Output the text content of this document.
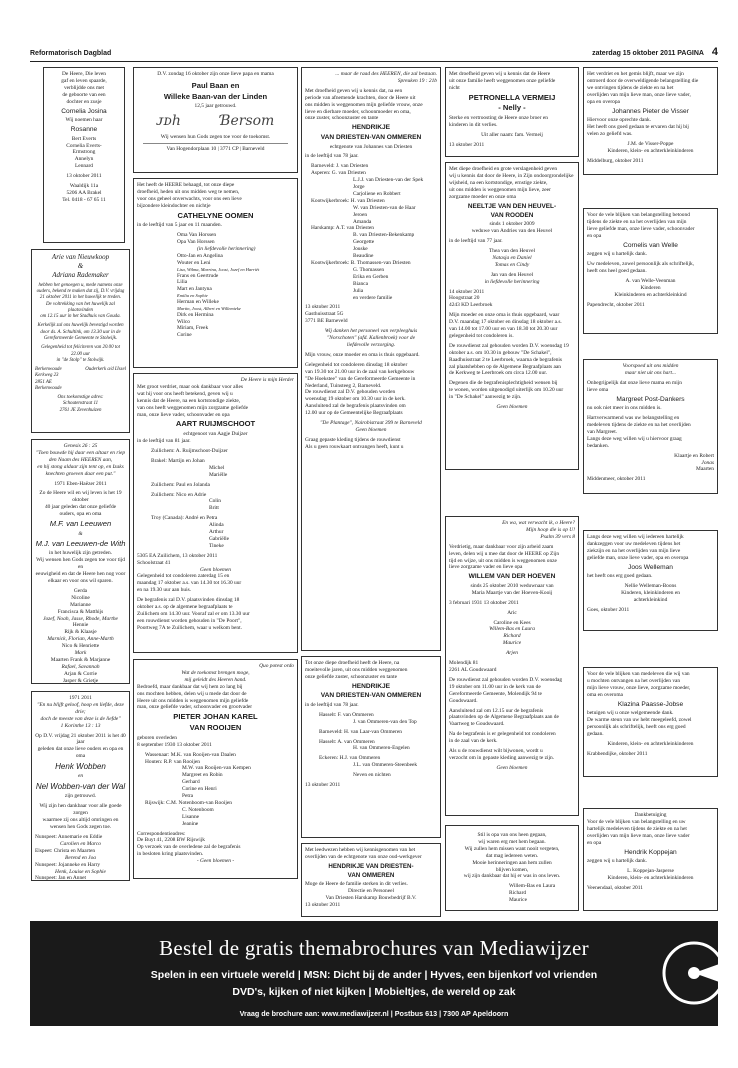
Reformatorisch Dagblad	zaterdag 15 oktober 2011 PAGINA 4
De Heere, Die leven
gaf en leven spaarde,
verblijdde ons met
de geboorte van een
dochter en zusje
Cornelia Josina
Wij noemen haar
Rosanne
Bert Everts
Cornelia Everts-
Ermstrong
Annelyn
Lennard
13 oktober 2011
Waaldijk 11a
5206 AA Brakel
Tel. 0418 - 67 65 11
Arie van Nieuwkoop
&
Adriana Rademaker
hebben het genoegen u, mede namens onze
ouders, bekend te maken dat zij, D.V. vrijdag
21 oktober 2011 in het huwelijk te treden.
De voltrekking van het huwelijk zal plaatsvinden
om 12.15 uur in het Stadhuis van Gouda.
Kerkelijk zal ons huwelijk bevestigd worden
door ds. A. Schultink, om 13.30 uur in de
Gereformeerde Gemeente te Stolwijk.
Gelegenheid tot feliciteren van 20.00 tot 22.00 uur
in "de Stolp" te Stolwijk.
Berkenwoude	Ouderkerk a/d IJssel
Kerkweg 23
2851 AE Berkenwoude
Ons toekomstige adres:
Schoutenstraat 11
2761 JE Zevenhuizen
Genesis 26 : 25
"Toen bouwde hij daar een altaar en riep
den Naam des HEEREN aan,
en hij stong aldaar zijn tent op, en Izaks
knechten groeven daar een put."
1971 Eben-Haëzer 2011
Zo de Heere wil en wij leven is het 19 oktober
40 jaar geleden dat onze geliefde
ouders, opa en oma
M.F. van Leeuwen
&
M.J. van Leeuwen-de With
in het huwelijk zijn getreden.
Wij wensen hen Gods zegen toe voor tijd en
eeuwigheid en dat de Heere hen nog voor
elkaar en voor ons wil sparen.
Gerda
Nicoline
Marianne
Francisca & Matthijs
Jozef, Noah, Jasse, Rhode, Marthe
Hennie
Rijk & Klaasje
Marnick, Florian, Anne-Marth
Nico & Henriette
Mark
Maarten Frank & Marjanne
Rafael, Savannah
Arjan & Corrie
Jasper & Grietje
1971 2011
"En nu blijft geloof, hoop en liefde, deze drie;
doch de meeste van deze is de liefde"
1 Korinthe 13 : 13
Op D.V. vrijdag 21 oktober 2011 is het 40 jaar
geleden dat onze lieve ouders en opa en oma
Henk Wobben
en
Nel Wobben-van der Wal
zijn getrouwd.
Wij zijn hen dankbaar voor alle goede zorgen
waarmee zij ons altijd omringen en
wensen hen Gods zegen toe.
Nunspeet: Annemarie en Eddie
Carolien en Marco
Elspeet: Christa en Maarten
Berend en Joa
Nunspeet: Jojanneke en Harry
Henk, Louise en Sophie
Nunspeet: Jan en Annet
D.V. zondag 16 oktober zijn onze lieve papa en mama
Paul Baan en
Willeke Baan-van der Linden
12,5 jaar getrouwd.
ᴊᴅh	Ɓersom
Wij wensen hun Gods zegen toe voor de toekomst.
Van Hogendorplaan 10 | 3771 CP | Barneveld
Het heeft de HEERE behaagd, tot onze diepe
droefheid, heden uit ons midden weg te nemen,
voor ons geheel onverwachts, voor ons een lieve
bijzondere kleindochter en nichtje
CATHELYNE OOMEN
in de leeftijd van 5 jaar en 11 maanden.
Oma Van Horssen
Opa Van Horssen
(in liefdevolle herinnering)
Otto-Jan en Angelina
Wouter en Leni
Lisa, Wilma, Marrina, Joost, Jozef en Harriët
Frans en Geertrude
Lilia
Mart en Jantyna
Emilia en Sophie
Herman en Willeke
Martin, Joost, Albert en Willemieke
Dirk en Hermina
Wilco
Miriam, Freek
Corine
De Heere is mijn Herder
Met groot verdriet, maar ook dankbaar voor alles
wat hij voor ons heeft betekend, geven wij u
kennis dat de Heere, na een kortstondige ziekte,
van ons heeft weggenomen mijn zorgzame geliefde
man, onze lieve vader, schoonvader en opa
AART RUIJMSCHOOT
echtgenoot van Aagje Duijzer
in de leeftijd van 81 jaar.
Zuilichem: A. Ruijmschoot-Duijzer
Brakel: Martijn en Johan
Michel
Mariëlle
Zuilichem: Paul en Jolanda
Zuilichem: Nico en Adrie
Colin
Britt
Troy (Canada): André en Petra
Alinda
Arthur
Gabriëlle
Tineke
5305 EA Zuilichem, 13 oktober 2011
Schoolstraat 41
Geen bloemen
Gelegenheid tot condoleren zaterdag 15 en
maandag 17 oktober a.s. van 14.30 tot 16.30 uur
en na 19.30 uur aan huis.
De begrafenis zal D.V. plaatsvinden dinsdag 18
oktober a.s. op de algemene begraafplaats te
Zuilichem om 14.30 uur. Vooraf zal er om 13.30 uur
een rouwdienst worden gehouden in "De Poort",
Poortweg 7A te Zuilichem, waar u welkom bent.
Quo potest ordo
Wat de toekomst brengen moge,
mij geleidt des Heeren hand.
Bedroefd, maar dankbaar dat wij hem zo lang bij
ons mochten hebben, delen wij u mede dat door de
Heere uit ons midden is weggenomen mijn geliefde
man, onze geliefde vader, schoonvader en grootvader
PIETER JOHAN KAREL
VAN ROOIJEN
geboren overleden
8 september 1930 13 oktober 2011
Wassenaar: M.K. van Rooijen-van Daalen
Houten: R.P. van Rooijen
M.W. van Rooijen-van Kempen
Margreet en Robin
Gerhard
Corine en Henri
Petra
Rijswijk: C.M. Notenboom-van Rooijen
C. Notenboom
Lisanne
Jeanine
Correspondentieadres:
De Buyt 41, 2208 BW Rijswijk
Op verzoek van de overledene zal de begrafenis
in besloten kring plaatsvinden.
- Geen bloemen -
... maar de raad des HEEREN, die zal bestaan.
Spreuken 19 : 21b
Met droefheid geven wij u kennis dat, na een
periode van afnemende krachten, door de Heere uit
ons midden is weggenomen mijn geliefde vrouw, onze
lieve en dierbare moeder, schoonmoeder en oma,
onze zuster, schoonzuster en tante
HENDRIKJE
VAN DRIESTEN-VAN OMMEREN
echtgenote van Johannes van Driesten
in de leeftijd van 78 jaar.
Barneveld: J. van Driesten
Asperen: G. van Driesten
L.J.J. van Driesten-van der Spek
Jorge
Carjoliene en Robbert
Kootwijkerbroek: H. van Driesten
W. van Driesten-van de Haar
Jeroen
Amanda
Harskamp: A.T. van Driesten
B. van Driesten-Bekenkamp
Georgette
Jouske
Beaudine
Kootwijkerbroek: B. Thomassen-van Driesten
G. Thomassen
Erika en Gerben
Bianca
Julia
en verdere familie
13 oktober 2011
Gasthuisstraat 5G
3771 BE Barneveld
Wij danken het personeel van verpleeghuis
"Norschoten" (afd. Kallenbroek) voor de
liefdevolle verzorging.
Mijn vrouw, onze moeder en oma is thuis opgebaard.
Gelegenheid tot condoleren dinsdag 18 oktober
van 19.30 tot 21.00 uur in de zaal van kerkgebouw
"De Hoekstee" van de Gereformeerde Gemeente in
Nederland, Tuinsteeg 2, Barneveld.
De rouwdienst zal D.V. gehouden worden
woensdag 19 oktober om 10.30 uur in de kerk.
Aansluitend zal de begrafenis plaatsvinden om
12.00 uur op de Gemeentelijke Begraafplaats
"De Plantage", Nairobistraat 399 te Barneveld
Geen bloemen
Graag gepaste kleding tijdens de rouwdienst
Als u geen rouwkaart ontvangen heeft, kunt u
Tot onze diepe droefheid heeft de Heere, na
moeitevolle jaren, uit ons midden weggenomen
onze geliefde zuster, schoonzuster en tante
HENDRIKJE
VAN DRIESTEN-VAN OMMEREN
in de leeftijd van 78 jaar.
Hasselt: F. van Ommeren
J. van Ommeren-van den Top
Barneveld: H. van Laar-van Ommeren
Hasselt: A. van Ommeren
H. van Ommeren-Engelen
Eckeren: H.J. van Ommeren
J.L. van Ommeren-Steenbeek
Neven en nichten
13 oktober 2011
Met droefheid geven wij u kennis dat de Heere
uit onze familie heeft weggenomen onze geliefde
nicht
PETRONELLA VERMEIJ
- Nelly -
Sterke en vertroosting de Heere onze broer en
kinderen in dit verlies.
Uit aller naam: fam. Vermeij
13 oktober 2011
Met diepe droefheid en grote verslagenheid geven
wij u kennis dat door de Heere, in Zijn ondoorgrondelijke
wijsheid, na een kortstondige, ernstige ziekte,
uit ons midden is weggenomen mijn lieve, zeer
zorgzame moeder en onze oma
NEELTJE VAN DEN HEUVEL-
VAN ROODEN
sinds 1 oktober 2009
weduwe van Andries van den Heuvel
in de leeftijd van 77 jaar.
Thea van den Heuvel
Natasja en Daniel
Tomas en Cindy
Jan van den Heuvel
in liefdevolle herinnering
14 oktober 2011
Hoogstraat 20
4243 KD Leerbroek
Mijn moeder en onze oma is thuis opgebaard, waar
D.V. maandag 17 oktober en dinsdag 18 oktober a.s.
van 14.00 tot 17.00 uur en van 18.30 tot 20.30 uur
gelegenheid tot condoleren is.
De rouwdienst zal gehouden worden D.V. woensdag 19
oktober a.s. om 10.30 in gebouw "De Schakel",
Raadhuisstraat 2 te Leerbroek, waarna de begrafenis
zal plaatshebben op de Algemene Begraafplaats aan
de Kerkweg te Leerbroek om circa 12.00 uur.
Degenen die de begrafenisplechtigheid wensen bij
te wonen, worden uitgenodigd uiterlijk om 10.20 uur
in "De Schakel" aanwezig te zijn.
Geen bloemen
En wa, wat verwacht ik, o Heere?
Mijn hoop die is op U!
Psalm 39 vers 8
Verdrietig, maar dankbaar voor zijn arbeid zaam
leven, delen wij u mee dat door de HEERE op Zijn
tijd en wijze, uit ons midden is weggenomen onze
lieve zorgzame vader en lieve opa
WILLEM VAN DER HOEVEN
sinds 25 oktober 2010 weduwnaar van
Maria Maartje van der Hoeven-Kooij
3 februari 1931 13 oktober 2011
Aric
Caroline en Kees
Willem-Bas en Laura
Richard
Maurice
Arjen
Molendijk 81
2261 AL Goudswaard
De rouwdienst zal gehouden worden D.V. woensdag
19 oktober om 11.00 uur in de kerk van de
Gereformeerde Gemeente, Molendijk 94 te
Goudswaard.
Aansluitend zal om 12.15 uur de begrafenis
plaatsvinden op de Algemene Begraafplaats aan de
Vaartweg te Goudswaard.
Na de begrafenis is er gelegenheid tot condoleren
in de zaal van de kerk.
Als u de rouwdienst wilt bijwonen, wordt u
verzocht om in gepaste kleding aanwezig te zijn.
Geen bloemen
Stil is opa van ons heen gegaan,
wij waren erg met hem begaan.
Wij zullen hem missen want nooit vergeten,
dat mag iedereen weten.
Mooie herinneringen aan hem zullen
blijven komen,
wij zijn dankbaar dat hij er was in ons leven.
Willem-Bas en Laura
Richard
Maurice
Het verdriet en het gemis blijft, maar we zijn
ontroerd door de overweldigende belangstelling die
we ontvingen tijdens de ziekte en na het
overlijden van mijn lieve man, onze lieve vader,
opa en overopa
Johannes Pieter de Visser
Hiervoor onze oprechte dank.
Het heeft ons goed gedaan te ervaren dat hij bij
velen zo geliefd was.
J.M. de Visser-Poppe
Kinderen, klein- en achterkleinkinderen
Middelburg, oktober 2011
Voor de vele blijken van belangstelling betoond
tijdens de ziekte en na het overlijden van mijn
lieve geliefde man, onze lieve vader, schoonvader
en opa
Cornelis van Welle
zeggen wij u hartelijk dank.
Uw medeleven, zowel persoonlijk als schriftelijk,
heeft ons heel goed gedaan.
A. van Welle-Veenman
Kinderen
Kleinkinderen en achterkleinkind
Papendrecht, oktober 2011
Voorspoed uit ons midden
maar niet uit ons hart...
Onbegrijpelijk dat onze lieve mama en mijn
lieve oma
Margreet Post-Dankers
nu ook niet meer in ons midden is.
Hartverwarmend was uw belangstelling en
medeleven tijdens de ziekte en na het overlijden
van Margreet.
Langs deze weg willen wij u hiervoor graag
bedanken.
Klaartje en Robert
Jonas
Maarten
Middenmeer, oktober 2011
Langs deze weg willen wij iedereen hartelijk
dankzeggen voor uw medeleven tijdens het
ziekzijn en na het overlijden van mijn lieve
geliefde man, onze lieve vader, opa en overopa
Joos Welleman
het heeft ons erg goed gedaan.
Nellie Welleman-Boons
Kinderen, kleinkinderen en
achterkleinkind
Goes, oktober 2011
Voor de vele blijken van medeleven die wij van
u mochten ontvangen na het overlijden van
mijn lieve vrouw, onze lieve, zorgzame moeder,
oma en overoma
Klazina Paasse-Jobse
betuigen wij u onze welgemeende dank.
De warme steun van uw hebt meegeleefd, zowel
persoonlijk als schriftelijk, heeft ons erg goed
gedaan.
Kinderen, klein- en achterkleinkinderen
Krabbendijke, oktober 2011
Dankbetuiging
Voor de vele blijken van belangstelling en uw
hartelijk medeleven tijdens de ziekte en na het
overlijden van mijn lieve man, onze lieve vader
en opa
Hendrik Koppejan
zeggen wij u hartelijk dank.
L. Koppejan-Jasperse
Kinderen, klein- en achterkleinkinderen
Veenendaal, oktober 2011
Bestel de gratis themabrochures van Mediawijzer
Spelen in een virtuele wereld | MSN: Dicht bij de ander | Hyves, een bijenkorf vol vrienden
DVD's, kijken of niet kijken | Mobieltjes, de wereld op zak
Vraag de brochure aan: www.mediawijzer.nl | Postbus 613 | 7300 AP Apeldoorn
Met leedwezen hebben wij kennisgenomen van het
overlijden van de echtgenote van onze oud-werkgever
HENDRIKJE VAN DRIESTEN-
VAN OMMEREN
Moge de Heere de familie sterken in dit verlies.
Directie en Personeel
Van Driesten Harskamp Bouwbedrijf B.V.
13 oktober 2011
